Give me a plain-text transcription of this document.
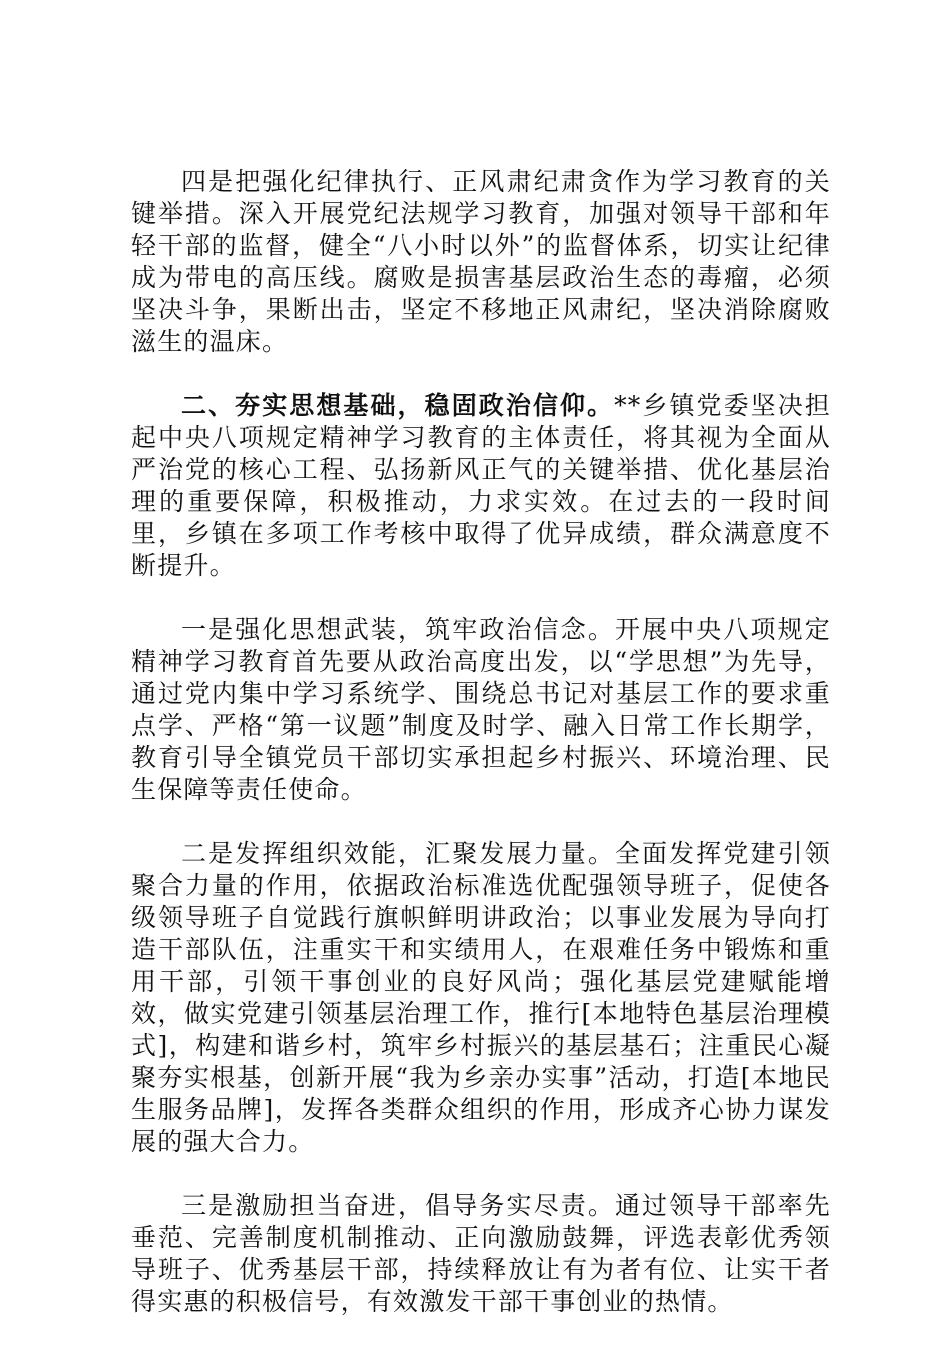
四是把强化纪律执行、正风肃纪肃贪作为学习教育的关键举措。深入开展党纪法规学习教育，加强对领导干部和年轻干部的监督，健全“八小时以外”的监督体系，切实让纪律成为带电的高压线。腐败是损害基层政治生态的毒瘤，必须坚决斗争，果断出击，坚定不移地正风肃纪，坚决消除腐败滋生的温床。

二、夯实思想基础，稳固政治信仰。**乡镇党委坚决担起中央八项规定精神学习教育的主体责任，将其视为全面从严治党的核心工程、弘扬新风正气的关键举措、优化基层治理的重要保障，积极推动，力求实效。在过去的一段时间里，乡镇在多项工作考核中取得了优异成绩，群众满意度不断提升。

一是强化思想武装，筑牢政治信念。开展中央八项规定精神学习教育首先要从政治高度出发，以“学思想”为先导，通过党内集中学习系统学、围绕总书记对基层工作的要求重点学、严格“第一议题”制度及时学、融入日常工作长期学，教育引导全镇党员干部切实承担起乡村振兴、环境治理、民生保障等责任使命。

二是发挥组织效能，汇聚发展力量。全面发挥党建引领聚合力量的作用，依据政治标准选优配强领导班子，促使各级领导班子自觉践行旗帜鲜明讲政治；以事业发展为导向打造干部队伍，注重实干和实绩用人，在艰难任务中锻炼和重用干部，引领干事创业的良好风尚；强化基层党建赋能增效，做实党建引领基层治理工作，推行[本地特色基层治理模式]，构建和谐乡村，筑牢乡村振兴的基层基石；注重民心凝聚夯实根基，创新开展“我为乡亲办实事”活动，打造[本地民生服务品牌]，发挥各类群众组织的作用，形成齐心协力谋发展的强大合力。

三是激励担当奋进，倡导务实尽责。通过领导干部率先垂范、完善制度机制推动、正向激励鼓舞，评选表彰优秀领导班子、优秀基层干部，持续释放让有为者有位、让实干者得实惠的积极信号，有效激发干部干事创业的热情。
